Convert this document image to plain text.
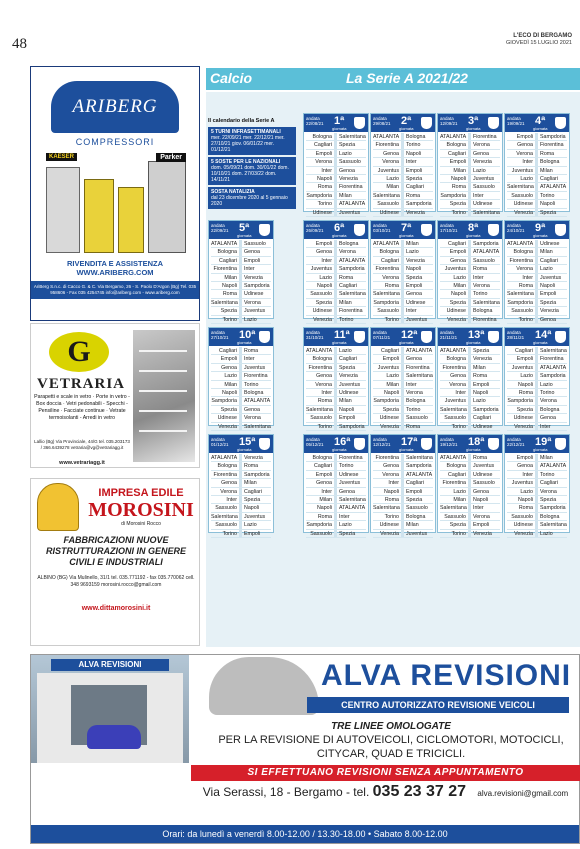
48	L'ECO DI BERGAMO
GIOVEDÌ 15 LUGLIO 2021
ARIBERG
COMPRESSORI
KAESER	Parker
RIVENDITA E ASSISTENZA
WWW.ARIBERG.COM
AriBerg S.n.c. di Cacco G. & C. Via Bergamo, 26 - S. Paolo D'Argon (Bg) Tel. 035 958606 - Fax 035 4254745 info@ariberg.com - www.ariberg.com
G
VETRARIA
Parapetti e scale in vetro · Porte in vetro - Box doccia · Vetri pedonabili - Specchi - Pensiline · Facciate continue · Vetrate termoisolanti - Arredi in vetro
Lallio (Bg) Via Provinciale, 44/G tel. 035.203173 / 366.6439278 vetraria@vg@vetrariagg.it
www.vetrariagg.it
IMPRESA EDILE
MOROSINI
di Morosini Rocco
FABBRICAZIONI NUOVE RISTRUTTURAZIONI IN GENERE CIVILI E INDUSTRIALI
ALBINO (BG) Via Mulinello, 31/1 tel. 035.771192 - fax 035.770062 cell. 348 9693159 morosini.rocco@gmail.com
www.dittamorosini.it
Calcio	La Serie A 2021/22
Il calendario della Serie A
5 TURNI INFRASETTIMANALI
mer. 22/09/21 mer. 22/12/21 mer. 27/10/21 giov. 06/01/22 mer. 01/12/21
5 SOSTE PER LE NAZIONALI
dom. 05/09/21 dom. 30/01/22 dom. 10/10/21 dom. 27/03/22 dom. 14/11/21
SOSTA NATALIZIA
dal 23 dicembre 2020 al 5 gennaio 2020
andata
22/08/21 1ª
giornata
Bologna	Salernitana
Cagliari	Spezia
Empoli	Lazio
Verona	Sassuolo
Inter	Genoa
Napoli	Venezia
Roma	Fiorentina
Sampdoria	Milan
Torino	ATALANTA
Udinese	Juventus
andata
29/08/21 2ª
giornata
ATALANTA	Bologna
Fiorentina	Torino
Genoa	Napoli
Verona	Inter
Juventus	Empoli
Lazio	Spezia
Milan	Cagliari
Salernitana	Roma
Sassuolo	Sampdoria
Udinese	Venezia
andata
12/09/21 3ª
giornata
ATALANTA	Fiorentina
Bologna	Verona
Cagliari	Genoa
Empoli	Venezia
Milan	Lazio
Napoli	Juventus
Roma	Sassuolo
Sampdoria	Inter
Spezia	Udinese
Torino	Salernitana
andata
19/09/21 4ª
giornata
Empoli	Sampdoria
Genoa	Fiorentina
Verona	Roma
Inter	Bologna
Juventus	Milan
Lazio	Cagliari
Salernitana	ATALANTA
Sassuolo	Torino
Udinese	Napoli
Venezia	Spezia
andata
22/09/21 5ª
giornata
ATALANTA	Sassuolo
Bologna	Genoa
Cagliari	Empoli
Fiorentina	Inter
Milan	Venezia
Napoli	Sampdoria
Roma	Udinese
Salernitana	Verona
Spezia	Juventus
Torino	Lazio
andata
26/09/21 6ª
giornata
Empoli	Bologna
Genoa	Verona
Inter	ATALANTA
Juventus	Sampdoria
Lazio	Roma
Napoli	Cagliari
Sassuolo	Salernitana
Spezia	Milan
Udinese	Fiorentina
Venezia	Torino
andata
03/10/21 7ª
giornata
ATALANTA	Milan
Bologna	Lazio
Cagliari	Venezia
Fiorentina	Napoli
Verona	Spezia
Roma	Empoli
Salernitana	Genoa
Sampdoria	Udinese
Sassuolo	Inter
Torino	Juventus
andata
17/10/21 8ª
giornata
Cagliari	Sampdoria
Empoli	ATALANTA
Genoa	Sassuolo
Juventus	Roma
Lazio	Inter
Milan	Verona
Napoli	Torino
Spezia	Salernitana
Udinese	Bologna
Venezia	Fiorentina
andata
24/10/21 9ª
giornata
ATALANTA	Udinese
Bologna	Milan
Fiorentina	Cagliari
Verona	Lazio
Inter	Juventus
Roma	Napoli
Salernitana	Empoli
Sampdoria	Spezia
Sassuolo	Venezia
Torino	Genoa
andata
27/10/21 10ª
giornata
Cagliari	Roma
Empoli	Inter
Genoa	Juventus
Lazio	Fiorentina
Milan	Torino
Napoli	Bologna
Sampdoria	ATALANTA
Spezia	Genoa
Udinese	Verona
Venezia	Salernitana
andata
31/10/21 11ª
giornata
ATALANTA	Lazio
Bologna	Cagliari
Fiorentina	Spezia
Genoa	Venezia
Verona	Juventus
Inter	Udinese
Roma	Milan
Salernitana	Napoli
Sassuolo	Empoli
Torino	Sampdoria
andata
07/11/21 12ª
giornata
Cagliari	ATALANTA
Empoli	Genoa
Juventus	Fiorentina
Lazio	Salernitana
Milan	Inter
Napoli	Verona
Sampdoria	Bologna
Spezia	Torino
Udinese	Sassuolo
Venezia	Roma
andata
21/11/21 13ª
giornata
ATALANTA	Spezia
Bologna	Venezia
Fiorentina	Milan
Genoa	Roma
Verona	Empoli
Inter	Napoli
Juventus	Lazio
Salernitana	Sampdoria
Sassuolo	Cagliari
Torino	Udinese
andata
28/11/21 14ª
giornata
Cagliari	Salernitana
Empoli	Fiorentina
Juventus	ATALANTA
Lazio	Sampdoria
Napoli	Lazio
Roma	Torino
Sampdoria	Verona
Spezia	Bologna
Udinese	Genoa
Venezia	Inter
andata
01/12/21 15ª
giornata
ATALANTA	Venezia
Bologna	Roma
Fiorentina	Sampdoria
Genoa	Milan
Verona	Cagliari
Inter	Spezia
Sassuolo	Napoli
Salernitana	Juventus
Sassuolo	Lazio
Torino	Empoli
andata
05/12/21 16ª
giornata
Bologna	Fiorentina
Cagliari	Torino
Empoli	Udinese
Genoa	Juventus
Inter	Genoa
Milan	Salernitana
Napoli	ATALANTA
Roma	Inter
Sampdoria	Lazio
Sassuolo	Spezia
andata
12/12/21 17ª
giornata
Fiorentina	Salernitana
Genoa	Sampdoria
Verona	ATALANTA
Inter	Cagliari
Napoli	Empoli
Roma	Spezia
Salernitana	Sassuolo
Torino	Bologna
Udinese	Milan
Venezia	Juventus
andata
19/12/21 18ª
giornata
ATALANTA	Roma
Bologna	Juventus
Cagliari	Udinese
Fiorentina	Sassuolo
Lazio	Genoa
Milan	Napoli
Salernitana	Inter
Sassuolo	Verona
Spezia	Empoli
Torino	Venezia
andata
22/12/21 19ª
giornata
Empoli	Milan
Genoa	ATALANTA
Inter	Torino
Juventus	Cagliari
Lazio	Verona
Napoli	Spezia
Roma	Sampdoria
Sassuolo	Bologna
Udinese	Salernitana
Venezia	Lazio
ALVA REVISIONI	ALVA REVISIONI
CENTRO AUTORIZZATO REVISIONE VEICOLI
TRE LINEE OMOLOGATE
PER LA REVISIONE DI AUTOVEICOLI, CICLOMOTORI, MOTOCICLI, CITYCAR, QUAD E TRICICLI.
SI EFFETTUANO REVISIONI SENZA APPUNTAMENTO
Via Serassi, 18 - Bergamo - tel. 035 23 37 27 alva.revisioni@gmail.com
Orari: da lunedì a venerdì 8.00-12.00 / 13.30-18.00 • Sabato 8.00-12.00
